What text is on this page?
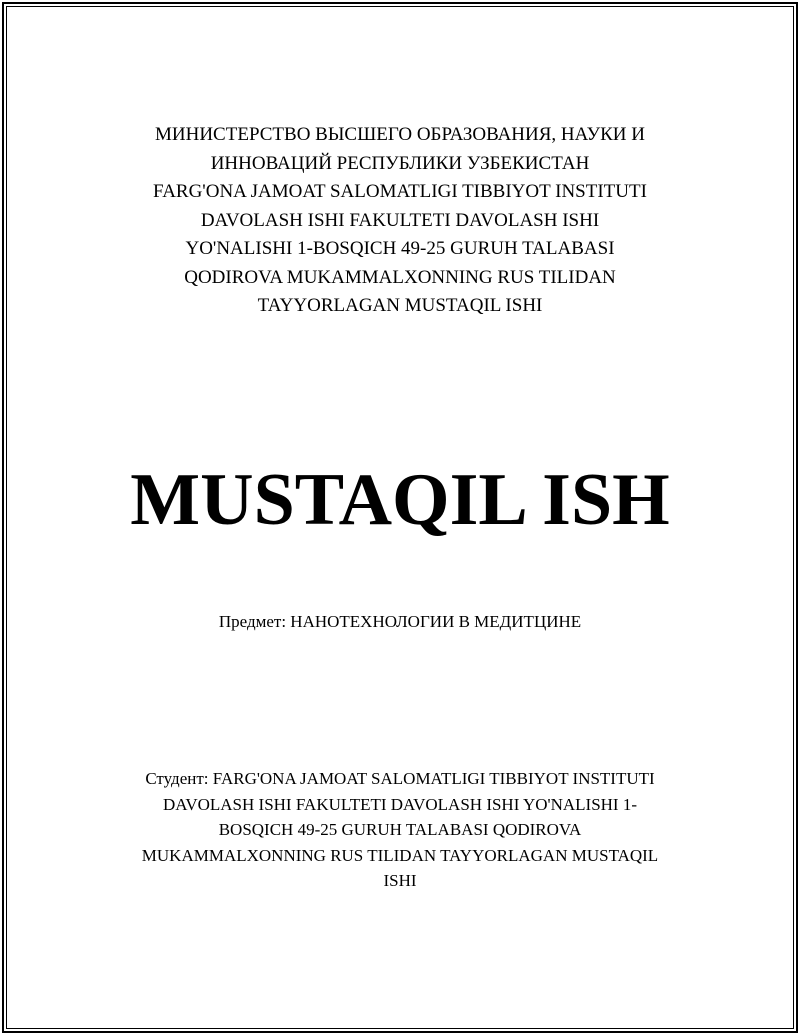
МИНИСТЕРСТВО ВЫСШЕГО ОБРАЗОВАНИЯ, НАУКИ И
ИННОВАЦИЙ РЕСПУБЛИКИ УЗБЕКИСТАН
FARG'ONA JAMOAT SALOMATLIGI TIBBIYOT INSTITUTI
DAVOLASH ISHI FAKULTETI DAVOLASH ISHI
YO'NALISHI 1-BOSQICH 49-25 GURUH TALABASI
QODIROVA MUKAMMALXONNING RUS TILIDAN
TAYYORLAGAN MUSTAQIL ISHI
MUSTAQIL ISH
Предмет: НАНОТЕХНОЛОГИИ В МЕДИТЦИНЕ
Студент: FARG'ONA JAMOAT SALOMATLIGI TIBBIYOT INSTITUTI
DAVOLASH ISHI FAKULTETI DAVOLASH ISHI YO'NALISHI 1-
BOSQICH 49-25 GURUH TALABASI QODIROVA
MUKAMMALXONNING RUS TILIDAN TAYYORLAGAN MUSTAQIL
ISHI
